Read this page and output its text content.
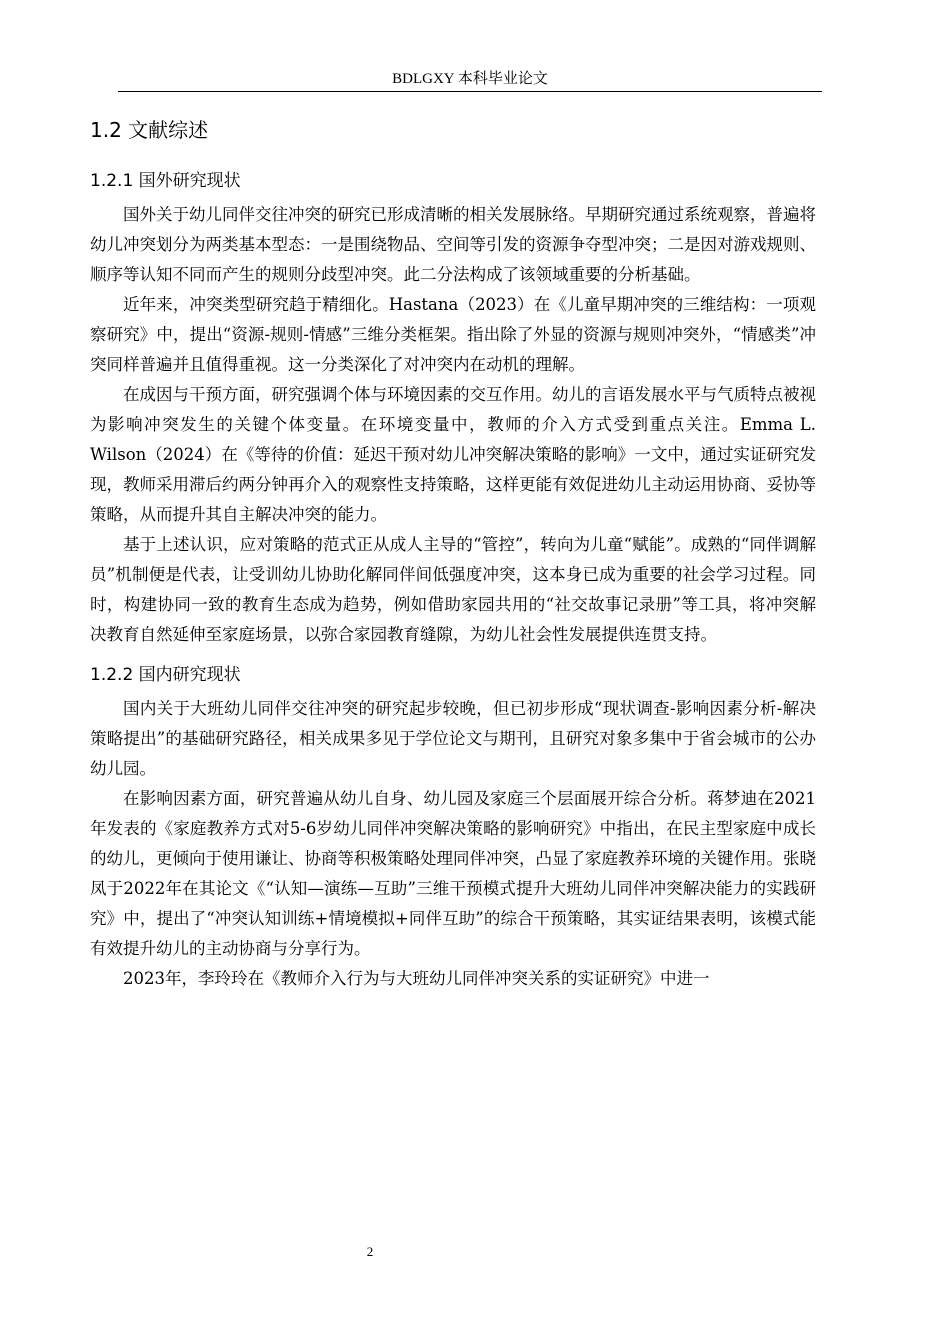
BDLGXY 本科毕业论文
1.2 文献综述
1.2.1 国外研究现状

国外关于幼儿同伴交往冲突的研究已形成清晰的相关发展脉络。早期研究通过系统观察，普遍将幼儿冲突划分为两类基本型态：一是围绕物品、空间等引发的资源争夺型冲突；二是因对游戏规则、顺序等认知不同而产生的规则分歧型冲突。此二分法构成了该领域重要的分析基础。

近年来，冲突类型研究趋于精细化。Hastana（2023）在《儿童早期冲突的三维结构：一项观察研究》中，提出“资源-规则-情感”三维分类框架。指出除了外显的资源与规则冲突外，“情感类”冲突同样普遍并且值得重视。这一分类深化了对冲突内在动机的理解。

在成因与干预方面，研究强调个体与环境因素的交互作用。幼儿的言语发展水平与气质特点被视为影响冲突发生的关键个体变量。在环境变量中，教师的介入方式受到重点关注。Emma L. Wilson（2024）在《等待的价值：延迟干预对幼儿冲突解决策略的影响》一文中，通过实证研究发现，教师采用滞后约两分钟再介入的观察性支持策略，这样更能有效促进幼儿主动运用协商、妥协等策略，从而提升其自主解决冲突的能力。

基于上述认识，应对策略的范式正从成人主导的“管控”，转向为儿童“赋能”。成熟的“同伴调解员”机制便是代表，让受训幼儿协助化解同伴间低强度冲突，这本身已成为重要的社会学习过程。同时，构建协同一致的教育生态成为趋势，例如借助家园共用的“社交故事记录册”等工具，将冲突解决教育自然延伸至家庭场景，以弥合家园教育缝隙，为幼儿社会性发展提供连贯支持。

1.2.2 国内研究现状

国内关于大班幼儿同伴交往冲突的研究起步较晚，但已初步形成“现状调查-影响因素分析-解决策略提出”的基础研究路径，相关成果多见于学位论文与期刊，且研究对象多集中于省会城市的公办幼儿园。

在影响因素方面，研究普遍从幼儿自身、幼儿园及家庭三个层面展开综合分析。蒋梦迪在2021年发表的《家庭教养方式对5-6岁幼儿同伴冲突解决策略的影响研究》中指出，在民主型家庭中成长的幼儿，更倾向于使用谦让、协商等积极策略处理同伴冲突，凸显了家庭教养环境的关键作用。张晓凤于2022年在其论文《“认知—演练—互助”三维干预模式提升大班幼儿同伴冲突解决能力的实践研究》中，提出了“冲突认知训练+情境模拟+同伴互助”的综合干预策略，其实证结果表明，该模式能有效提升幼儿的主动协商与分享行为。

2023年，李玲玲在《教师介入行为与大班幼儿同伴冲突关系的实证研究》中进一

2
